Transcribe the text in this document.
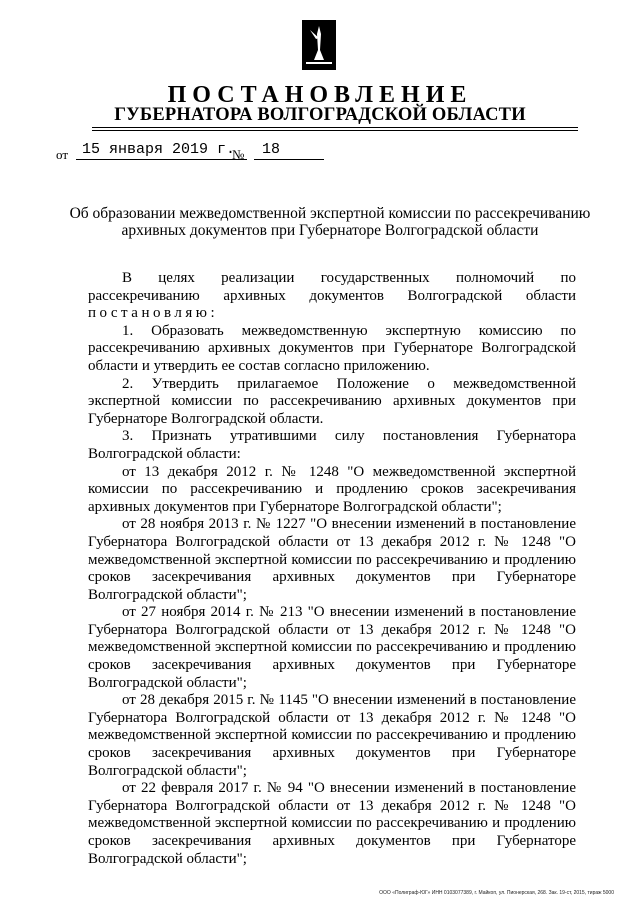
ПОСТАНОВЛЕНИЕ
ГУБЕРНАТОРА ВОЛГОГРАДСКОЙ ОБЛАСТИ
от 15 января 2019 г.
№	18
Об образовании межведомственной экспертной комиссии по рассекречиванию
архивных документов при Губернаторе Волгоградской области

В целях реализации государственных полномочий по рассекречиванию архивных документов Волгоградской области постановляю:

1. Образовать межведомственную экспертную комиссию по рассекречиванию архивных документов при Губернаторе Волгоградской области и утвердить ее состав согласно приложению.

2. Утвердить прилагаемое Положение о межведомственной экспертной комиссии по рассекречиванию архивных документов при Губернаторе Волгоградской области.

3. Признать утратившими силу постановления Губернатора Волгоградской области:

от 13 декабря 2012 г. № 1248 "О межведомственной экспертной комиссии по рассекречиванию и продлению сроков засекречивания архивных документов при Губернаторе Волгоградской области";

от 28 ноября 2013 г. № 1227 "О внесении изменений в постановление Губернатора Волгоградской области от 13 декабря 2012 г. № 1248 "О межведомственной экспертной комиссии по рассекречиванию и продлению сроков засекречивания архивных документов при Губернаторе Волгоградской области";

от 27 ноября 2014 г. № 213 "О внесении изменений в постановление Губернатора Волгоградской области от 13 декабря 2012 г. № 1248 "О межведомственной экспертной комиссии по рассекречиванию и продлению сроков засекречивания архивных документов при Губернаторе Волгоградской области";

от 28 декабря 2015 г. № 1145 "О внесении изменений в постановление Губернатора Волгоградской области от 13 декабря 2012 г. № 1248 "О межведомственной экспертной комиссии по рассекречиванию и продлению сроков засекречивания архивных документов при Губернаторе Волгоградской области";

от 22 февраля 2017 г. № 94 "О внесении изменений в постановление Губернатора Волгоградской области от 13 декабря 2012 г. № 1248 "О межведомственной экспертной комиссии по рассекречиванию и продлению сроков засекречивания архивных документов при Губернаторе Волгоградской области";

ООО «Полиграф-ЮГ» ИНН 0103077389, г. Майкоп, ул. Пионерская, 268. Зак. 19-ст, 2015, тираж 5000
